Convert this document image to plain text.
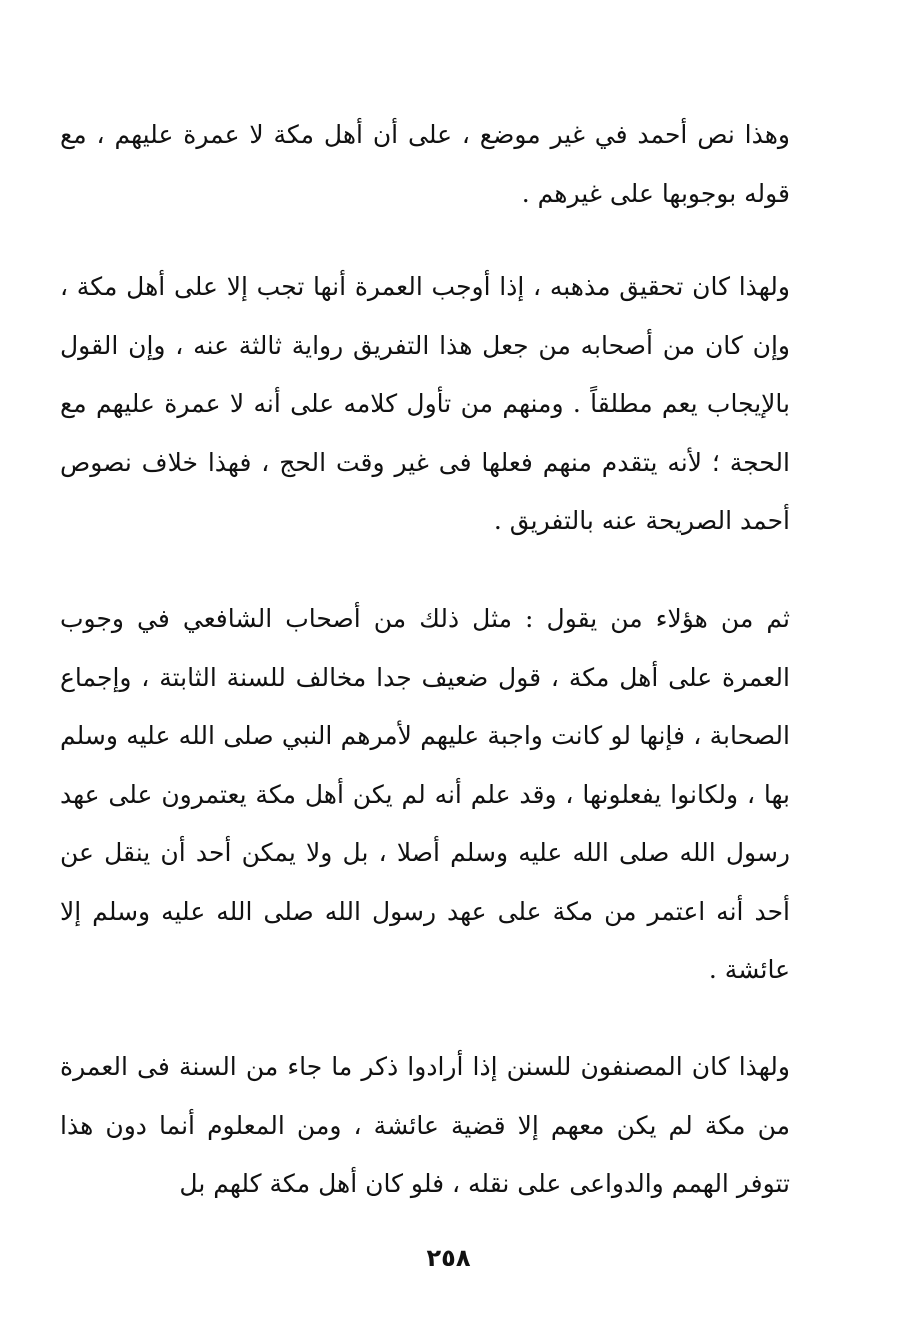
وهذا نص أحمد في غير موضع ، على أن أهل مكة لا عمرة عليهم ، مع قوله بوجوبها على غيرهم .

ولهذا كان تحقيق مذهبه ، إذا أوجب العمرة أنها تجب إلا على أهل مكة ، وإن كان من أصحابه من جعل هذا التفريق رواية ثالثة عنه ، وإن القول بالإيجاب يعم مطلقاً . ومنهم من تأول كلامه على أنه لا عمرة عليهم مع الحجة ؛ لأنه يتقدم منهم فعلها فى غير وقت الحج ، فهذا خلاف نصوص أحمد الصريحة عنه بالتفريق .

ثم من هؤلاء من يقول : مثل ذلك من أصحاب الشافعي في وجوب العمرة على أهل مكة ، قول ضعيف جدا مخالف للسنة الثابتة ، وإجماع الصحابة ، فإنها لو كانت واجبة عليهم لأمرهم النبي صلى الله عليه وسلم بها ، ولكانوا يفعلونها ، وقد علم أنه لم يكن أهل مكة يعتمرون على عهد رسول الله صلى الله عليه وسلم أصلا ، بل ولا يمكن أحد أن ينقل عن أحد أنه اعتمر من مكة على عهد رسول الله صلى الله عليه وسلم إلا عائشة .

ولهذا كان المصنفون للسنن إذا أرادوا ذكر ما جاء من السنة فى العمرة من مكة لم يكن معهم إلا قضية عائشة ، ومن المعلوم أنما دون هذا تتوفر الهمم والدواعى على نقله ، فلو كان أهل مكة كلهم بل

٢٥٨
